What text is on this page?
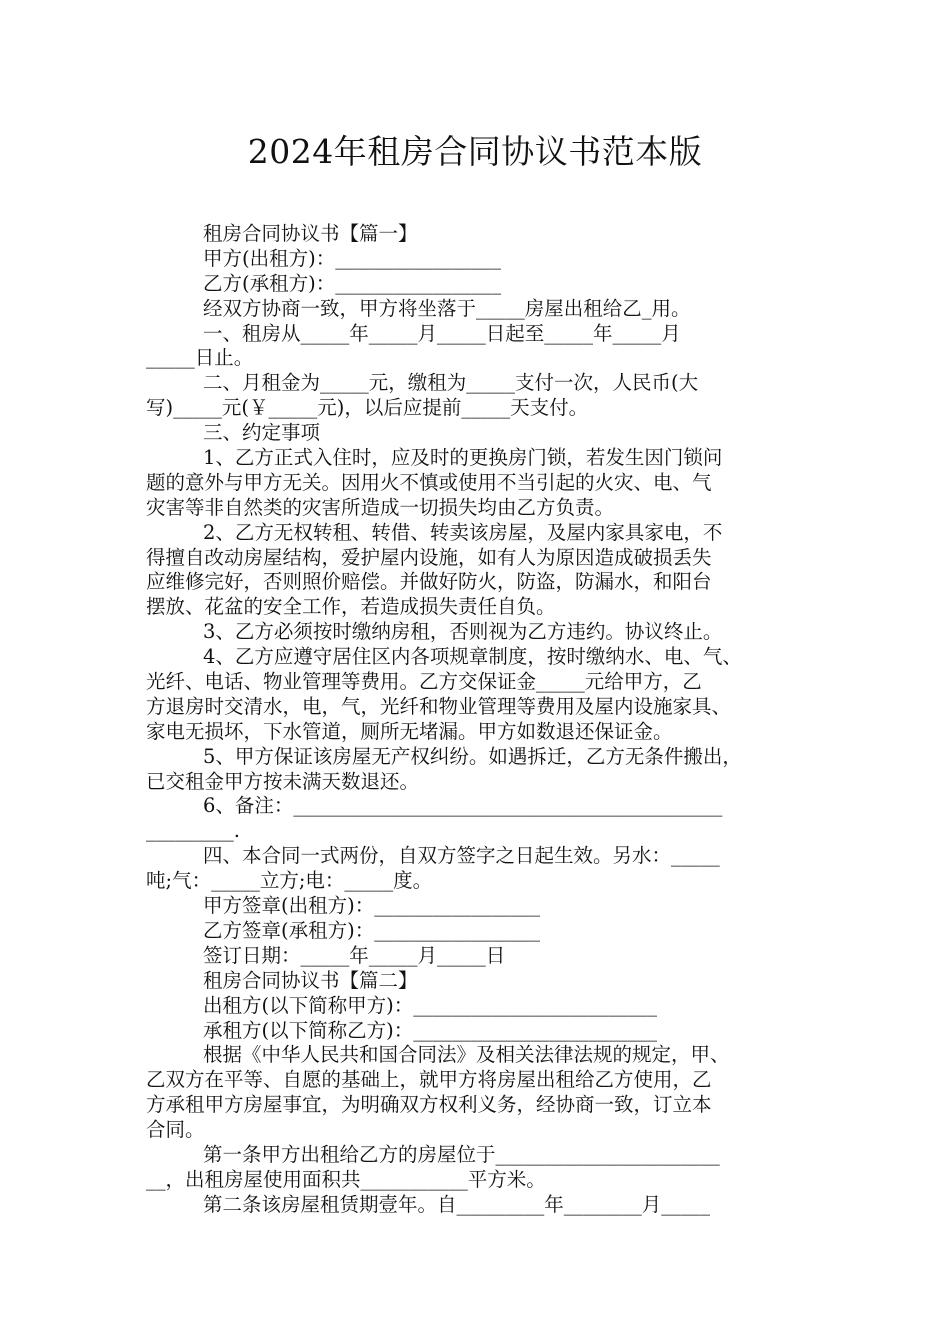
2024年租房合同协议书范本版
租房合同协议书【篇一】
甲方(出租方)：_________________
乙方(承租方)：_________________
经双方协商一致，甲方将坐落于_____房屋出租给乙_用。
一、租房从_____年_____月_____日起至_____年_____月
_____日止。
二、月租金为_____元，缴租为_____支付一次，人民币(大
写)_____元(￥_____元)，以后应提前_____天支付。
三、约定事项
1、乙方正式入住时，应及时的更换房门锁，若发生因门锁问
题的意外与甲方无关。因用火不慎或使用不当引起的火灾、电、气
灾害等非自然类的灾害所造成一切损失均由乙方负责。
2、乙方无权转租、转借、转卖该房屋，及屋内家具家电，不
得擅自改动房屋结构，爱护屋内设施，如有人为原因造成破损丢失
应维修完好，否则照价赔偿。并做好防火，防盗，防漏水，和阳台
摆放、花盆的安全工作，若造成损失责任自负。
3、乙方必须按时缴纳房租，否则视为乙方违约。协议终止。
4、乙方应遵守居住区内各项规章制度，按时缴纳水、电、气、
光纤、电话、物业管理等费用。乙方交保证金_____元给甲方，乙
方退房时交清水，电，气，光纤和物业管理等费用及屋内设施家具、
家电无损坏，下水管道，厕所无堵漏。甲方如数退还保证金。
5、甲方保证该房屋无产权纠纷。如遇拆迁，乙方无条件搬出，
已交租金甲方按未满天数退还。
6、备注：____________________________________________
_________.
四、本合同一式两份，自双方签字之日起生效。另水：_____
吨;气：_____立方;电：_____度。
甲方签章(出租方)：_________________
乙方签章(承租方)：_________________
签订日期：_____年_____月_____日
租房合同协议书【篇二】
出租方(以下简称甲方)：_________________________
承租方(以下简称乙方)：_________________________
根据《中华人民共和国合同法》及相关法律法规的规定，甲、
乙双方在平等、自愿的基础上，就甲方将房屋出租给乙方使用，乙
方承租甲方房屋事宜，为明确双方权利义务，经协商一致，订立本
合同。
第一条甲方出租给乙方的房屋位于_______________________
__，出租房屋使用面积共___________平方米。
第二条该房屋租赁期壹年。自_________年________月_____
